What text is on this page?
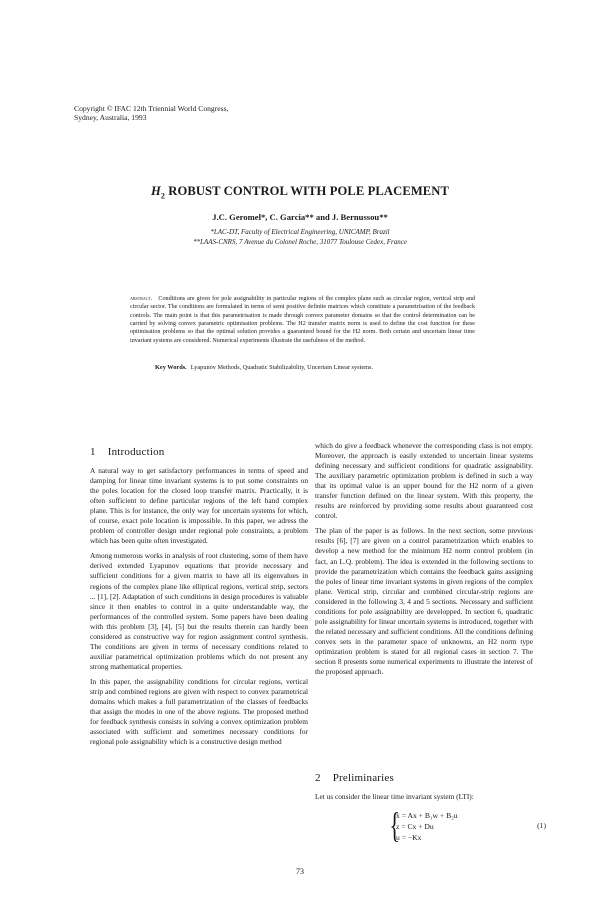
Copyright © IFAC 12th Triennial World Congress,
Sydney, Australia, 1993
$H_2$ ROBUST CONTROL WITH POLE PLACEMENT
J.C. Geromel*, C. Garcia** and J. Bernussou**
*LAC-DT, Faculty of Electrical Engineering, UNICAMP, Brazil
**LAAS-CNRS, 7 Avenue du Colonel Roche, 31077 Toulouse Cedex, France
abstract. Conditions are given for pole assignability in particular regions of the complex plane such as circular region, vertical strip and circular sector. The conditions are formulated in terms of semi positive definite matrices which constitute a parametrisation of the feedback controls. The main point is that this parametrisation is made through convex parameter domains so that the control determination can be carried by solving convex parametric optimisation problems. The H2 transfer matrix norm is used to define the cost function for these optimisation problems so that the optimal solution provides a guaranteed bound for the H2 norm. Both certain and uncertain linear time invariant systems are considered. Numerical experiments illustrate the usefulness of the method.
Key Words. Lyapunov Methods, Quadratic Stabilizability, Uncertain Linear systems.
1 Introduction

A natural way to get satisfactory performances in terms of speed and damping for linear time invariant systems is to put some constraints on the poles location for the closed loop transfer matrix. Practically, it is often sufficient to define particular regions of the left hand complex plane. This is for instance, the only way for uncertain systems for which, of course, exact pole location is impossible. In this paper, we adress the problem of controller design under regional pole constraints, a problem which has been quite often investigated.

Among numerous works in analysis of root clustering, some of them have derived extended Lyapunov equations that provide necessary and sufficient conditions for a given matrix to have all its eigenvalues in regions of the complex plane like elliptical regions, vertical strip, sectors ... [1], [2]. Adaptation of such conditions in design procedures is valuable since it then enables to control in a quite understandable way, the performances of the controlled system. Some papers have been dealing with this problem [3], [4], [5] but the results therein can hardly been considered as constructive way for region assignment control synthesis. The conditions are given in terms of necessary conditions related to auxiliar parametrical optimization problems which do not present any strong mathematical properties.

In this paper, the assignability conditions for circular regions, vertical strip and combined regions are given with respect to convex parametrical domains which makes a full parametrization of the classes of feedbacks that assign the modes in one of the above regions. The proposed method for feedback synthesis consists in solving a convex optimization problem associated with sufficient and sometimes necessary conditions for regional pole assignability which is a constructive design method

which do give a feedback whenever the corresponding class is not empty. Moreover, the approach is easily extended to uncertain linear systems defining necessary and sufficient conditions for quadratic assignability. The auxiliary parametric optimization problem is defined in such a way that its optimal value is an upper bound for the H2 norm of a given transfer function defined on the linear system. With this property, the results are reinforced by providing some results about guaranteed cost control.

The plan of the paper is as follows. In the next section, some previous results [6], [7] are given on a control parametrization which enables to develop a new method for the minimum H2 norm control problem (in fact, an L.Q. problem). The idea is extended in the following sections to provide the parametrization which contains the feedback gains assigning the poles of linear time invariant systems in given regions of the complex plane. Vertical strip, circular and combined circular-strip regions are considered in the following 3, 4 and 5 sections. Necessary and sufficient conditions for pole assignability are developped. In section 6, quadratic pole assignability for linear uncertain systems is introduced, together with the related necessary and sufficient conditions. All the conditions defining convex sets in the parameter space of unknowns, an H2 norm type optimization problem is stated for all regional cases in section 7. The section 8 presents some numerical experiments to illustrate the interest of the proposed approach.

2 Preliminaries
Let us consider the linear time invariant system (LTI):
{
ẋ = Ax + B₁w + B₂u
z = Cx + Du
u = −Kx
(1)
73
